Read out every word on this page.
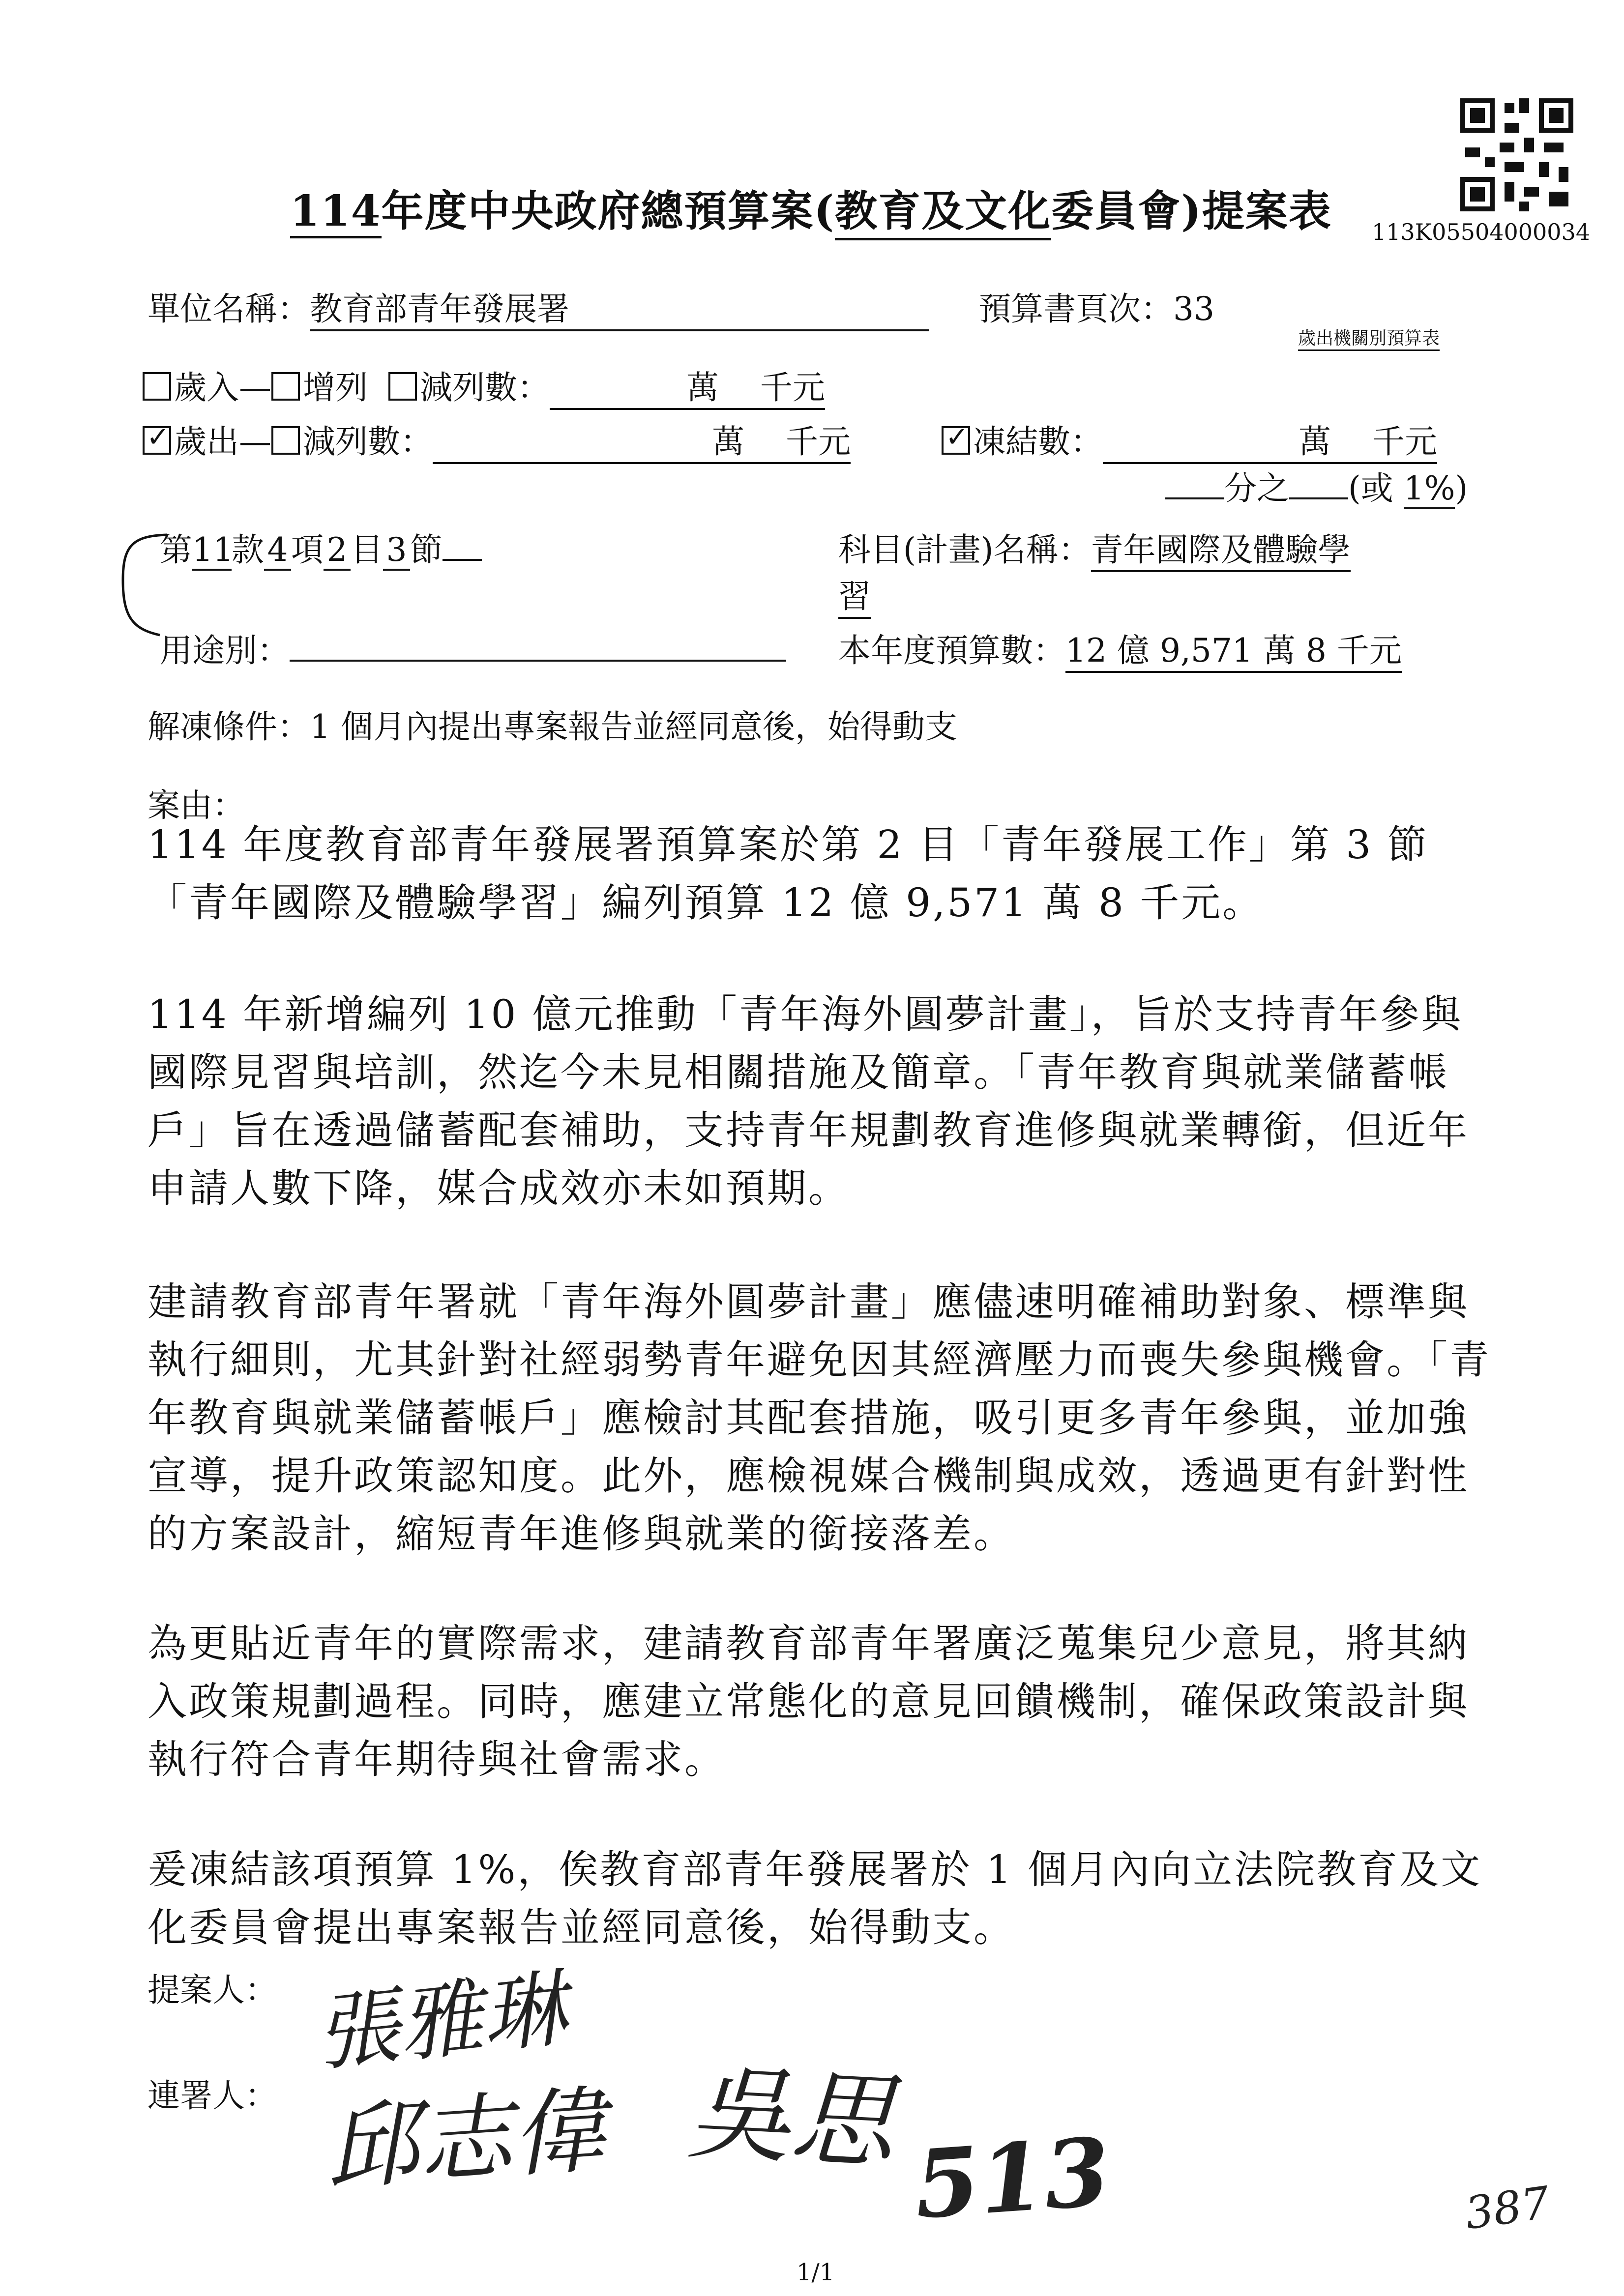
113K05504000034
114年度中央政府總預算案(教育及文化委員會)提案表
單位名稱：教育部青年發展署	預算書頁次：33
歲出機關別預算表
歲入— 增列 減列數：	萬 千元
✓歲出— 減列數：	萬 千元
✓	凍結數：	萬 千元
分之 (或 1%)
第11款4項2目3節	科目(計畫)名稱：青年國際及體驗學
習
用途別：	本年度預算數：12 億 9,571 萬 8 千元
解凍條件：1 個月內提出專案報告並經同意後，始得動支
案由：
114 年度教育部青年發展署預算案於第 2 目「青年發展工作」第 3 節「青年國際及體驗學習」編列預算 12 億 9,571 萬 8 千元。
114 年新增編列 10 億元推動「青年海外圓夢計畫」，旨於支持青年參與國際見習與培訓，然迄今未見相關措施及簡章。「青年教育與就業儲蓄帳戶」旨在透過儲蓄配套補助，支持青年規劃教育進修與就業轉銜，但近年申請人數下降，媒合成效亦未如預期。
建請教育部青年署就「青年海外圓夢計畫」應儘速明確補助對象、標準與執行細則，尤其針對社經弱勢青年避免因其經濟壓力而喪失參與機會。「青年教育與就業儲蓄帳戶」應檢討其配套措施，吸引更多青年參與，並加強宣導，提升政策認知度。此外，應檢視媒合機制與成效，透過更有針對性的方案設計，縮短青年進修與就業的銜接落差。
為更貼近青年的實際需求，建請教育部青年署廣泛蒐集兒少意見，將其納入政策規劃過程。同時，應建立常態化的意見回饋機制，確保政策設計與執行符合青年期待與社會需求。
爰凍結該項預算 1%，俟教育部青年發展署於 1 個月內向立法院教育及文化委員會提出專案報告並經同意後，始得動支。
提案人： 張雅琳
連署人： 邱志偉 吳思 513	387
1/1
